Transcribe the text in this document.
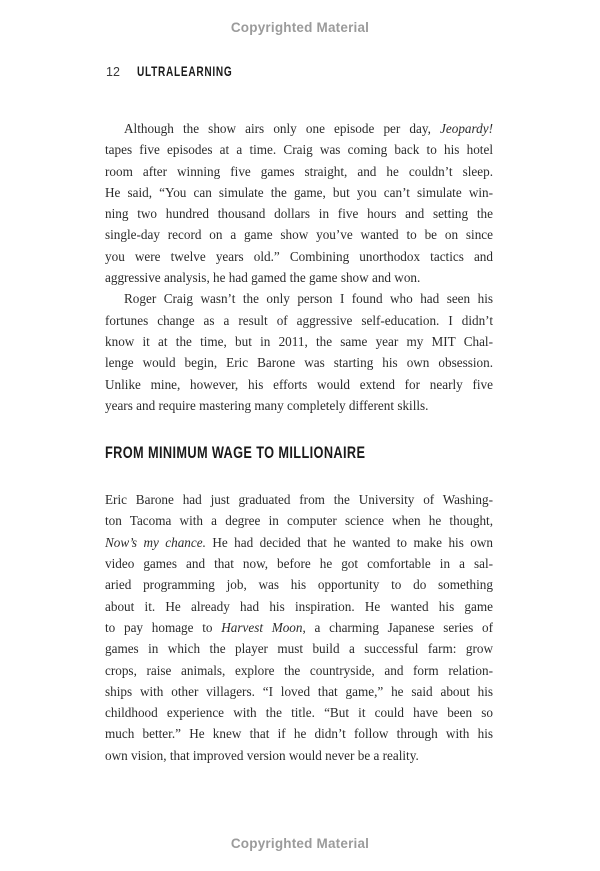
Copyrighted Material
12 ULTRALEARNING
Although the show airs only one episode per day, Jeopardy!
tapes five episodes at a time. Craig was coming back to his hotel
room after winning five games straight, and he couldn’t sleep.
He said, “You can simulate the game, but you can’t simulate win-
ning two hundred thousand dollars in five hours and setting the
single-day record on a game show you’ve wanted to be on since
you were twelve years old.” Combining unorthodox tactics and
aggressive analysis, he had gamed the game show and won.
Roger Craig wasn’t the only person I found who had seen his
fortunes change as a result of aggressive self-education. I didn’t
know it at the time, but in 2011, the same year my MIT Chal-
lenge would begin, Eric Barone was starting his own obsession.
Unlike mine, however, his efforts would extend for nearly five
years and require mastering many completely different skills.
FROM MINIMUM WAGE TO MILLIONAIRE
Eric Barone had just graduated from the University of Washing-
ton Tacoma with a degree in computer science when he thought,
Now’s my chance. He had decided that he wanted to make his own
video games and that now, before he got comfortable in a sal-
aried programming job, was his opportunity to do something
about it. He already had his inspiration. He wanted his game
to pay homage to Harvest Moon, a charming Japanese series of
games in which the player must build a successful farm: grow
crops, raise animals, explore the countryside, and form relation-
ships with other villagers. “I loved that game,” he said about his
childhood experience with the title. “But it could have been so
much better.” He knew that if he didn’t follow through with his
own vision, that improved version would never be a reality.
Copyrighted Material
